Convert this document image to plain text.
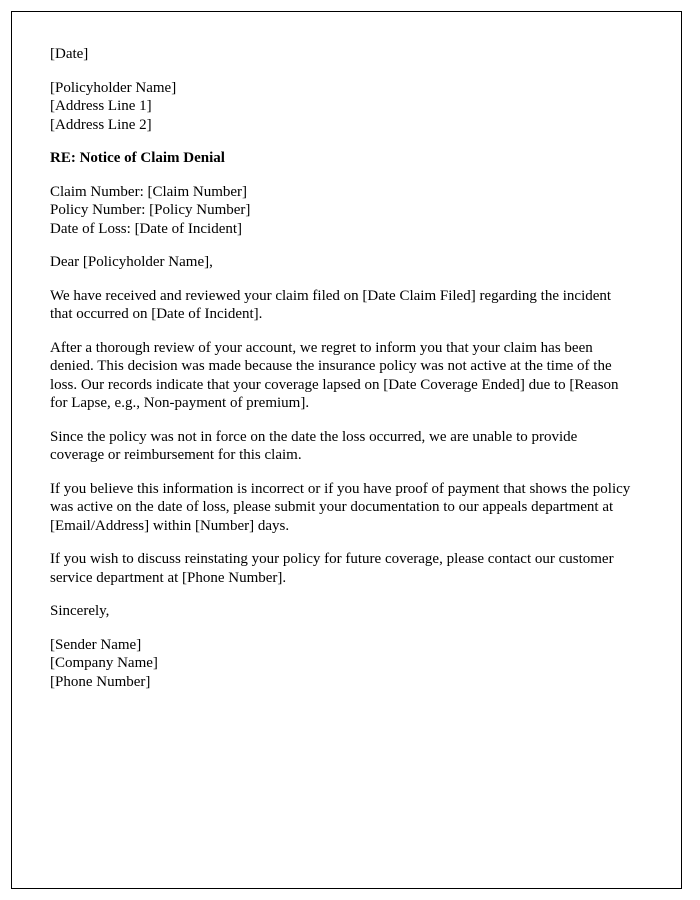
[Date]

[Policyholder Name]
[Address Line 1]
[Address Line 2]

RE: Notice of Claim Denial

Claim Number: [Claim Number]
Policy Number: [Policy Number]
Date of Loss: [Date of Incident]

Dear [Policyholder Name],

We have received and reviewed your claim filed on [Date Claim Filed] regarding the incident that occurred on [Date of Incident].

After a thorough review of your account, we regret to inform you that your claim has been denied. This decision was made because the insurance policy was not active at the time of the loss. Our records indicate that your coverage lapsed on [Date Coverage Ended] due to [Reason for Lapse, e.g., Non-payment of premium].

Since the policy was not in force on the date the loss occurred, we are unable to provide coverage or reimbursement for this claim.

If you believe this information is incorrect or if you have proof of payment that shows the policy was active on the date of loss, please submit your documentation to our appeals department at [Email/Address] within [Number] days.

If you wish to discuss reinstating your policy for future coverage, please contact our customer service department at [Phone Number].

Sincerely,

[Sender Name]
[Company Name]
[Phone Number]
